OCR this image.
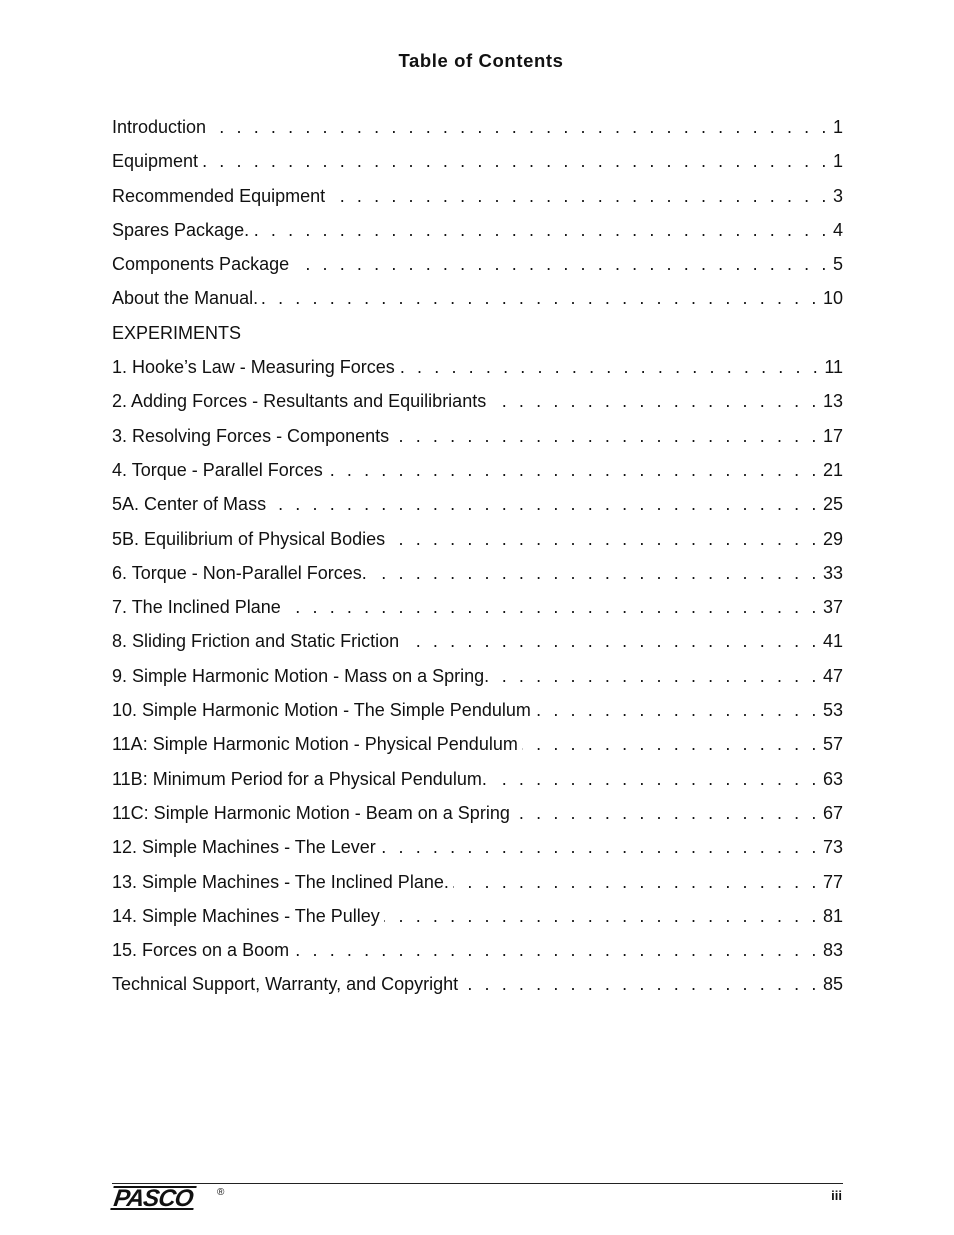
Table of Contents
Introduction . . .	1
Equipment . . .	1
Recommended Equipment . . .	3
Spares Package. . . .	4
Components Package . . .	5
About the Manual. . . .	10
EXPERIMENTS
1. Hooke’s Law - Measuring Forces . . .	11
2. Adding Forces - Resultants and Equilibriants . . .	13
3. Resolving Forces - Components . . .	17
4. Torque - Parallel Forces . . .	21
5A. Center of Mass . . .	25
5B. Equilibrium of Physical Bodies . . .	29
6. Torque - Non-Parallel Forces. . . .	33
7. The Inclined Plane . . .	37
8. Sliding Friction and Static Friction . . .	41
9. Simple Harmonic Motion - Mass on a Spring. . . .	47
10. Simple Harmonic Motion - The Simple Pendulum . . .	53
11A: Simple Harmonic Motion - Physical Pendulum . . .	57
11B: Minimum Period for a Physical Pendulum. . . .	63
11C: Simple Harmonic Motion - Beam on a Spring . . .	67
12. Simple Machines - The Lever . . .	73
13. Simple Machines - The Inclined Plane. . . .	77
14. Simple Machines - The Pulley . . .	81
15. Forces on a Boom . . .	83
Technical Support, Warranty, and Copyright . . .	85
PASCO	®	iii
